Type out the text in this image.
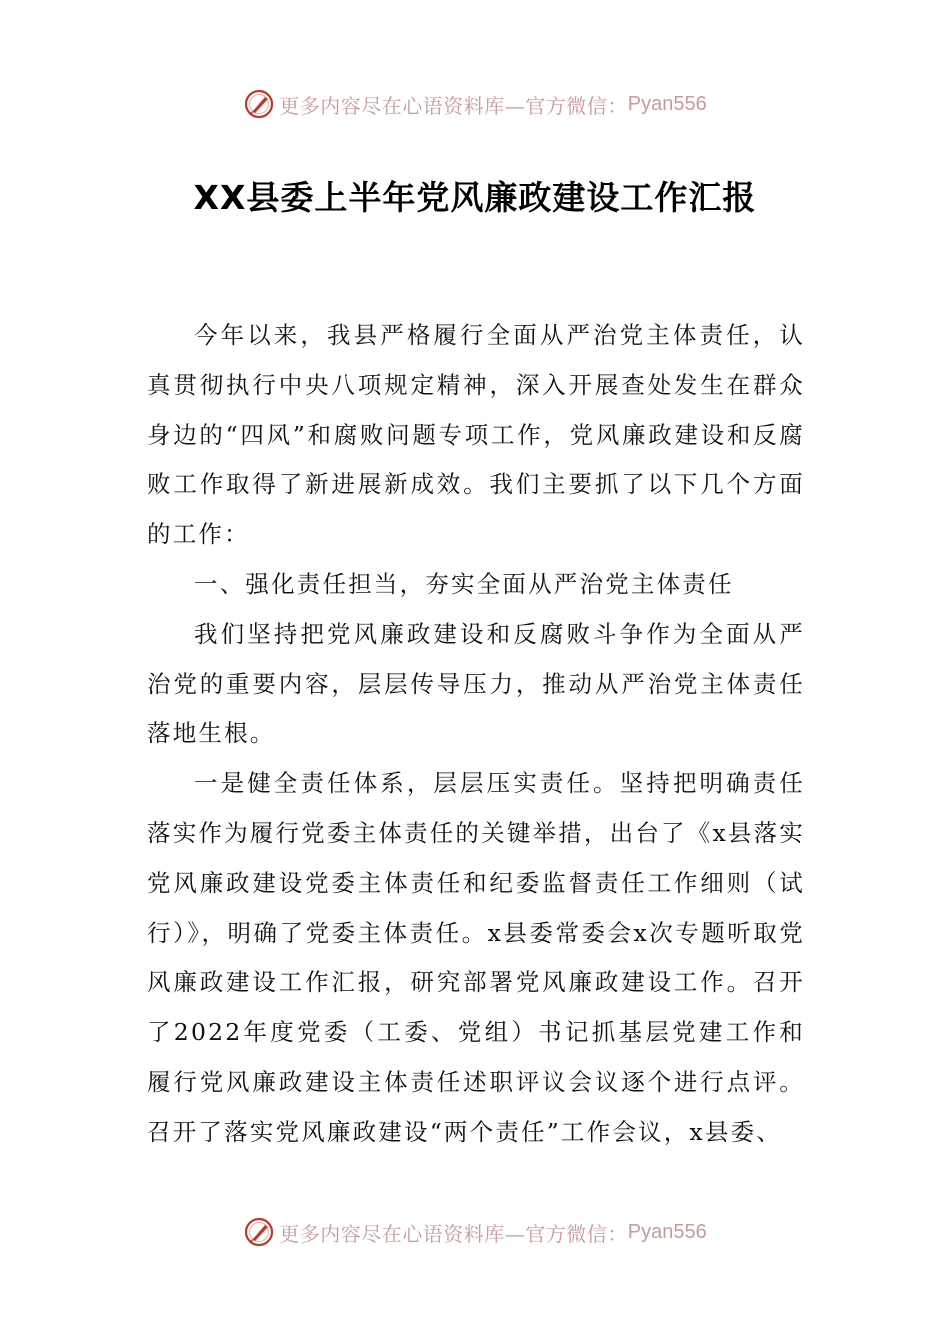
更多内容尽在心语资料库—官方微信： Pyan556
XX县委上半年党风廉政建设工作汇报

今年以来，我县严格履行全面从严治党主体责任，认真贯彻执行中央八项规定精神，深入开展查处发生在群众身边的“四风”和腐败问题专项工作，党风廉政建设和反腐败工作取得了新进展新成效。我们主要抓了以下几个方面的工作：

一、强化责任担当，夯实全面从严治党主体责任

我们坚持把党风廉政建设和反腐败斗争作为全面从严治党的重要内容，层层传导压力，推动从严治党主体责任落地生根。

一是健全责任体系，层层压实责任。坚持把明确责任落实作为履行党委主体责任的关键举措，出台了《x县落实党风廉政建设党委主体责任和纪委监督责任工作细则（试行）》，明确了党委主体责任。x县委常委会x次专题听取党风廉政建设工作汇报，研究部署党风廉政建设工作。召开了2022年度党委（工委、党组）书记抓基层党建工作和履行党风廉政建设主体责任述职评议会议逐个进行点评。召开了落实党风廉政建设“两个责任”工作会议，x县委、

更多内容尽在心语资料库—官方微信： Pyan556
